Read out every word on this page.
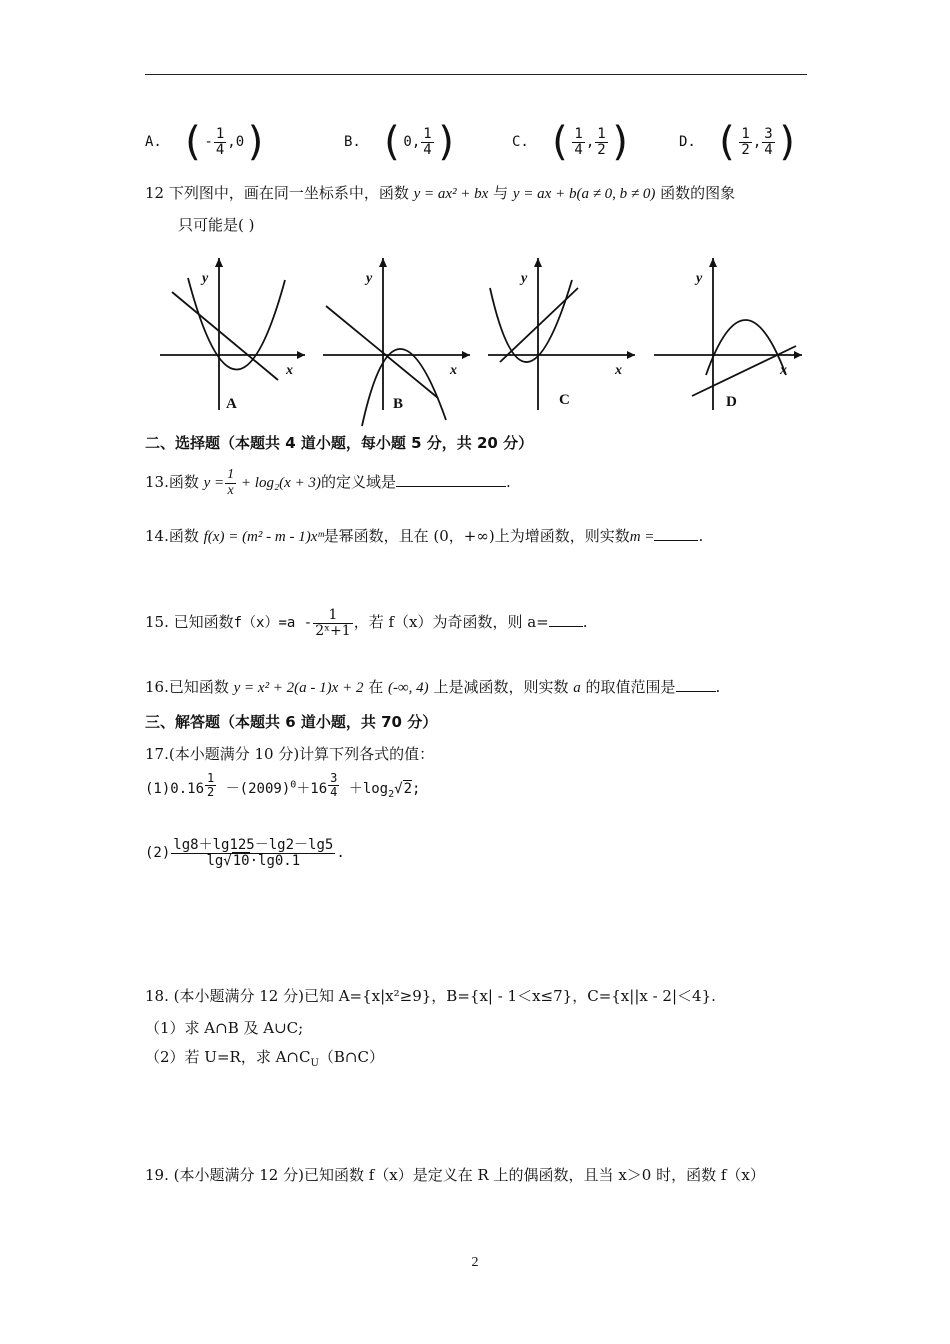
A. (- $\frac{1}{4} ,0$)	B. (0, $\frac{1}{4}$ )	C. ( $\frac{1}{4}$ , $\frac{1}{2}$ )	D. ( $\frac{1}{2}$ , $\frac{3}{4}$ )
12 下列图中，画在同一坐标系中，函数 y = ax² + bx 与 y = ax + b(a ≠ 0, b ≠ 0) 函数的图象
只可能是( )
y
x
y
x
y
x
y
x
A	B	C	D
二、选择题（本题共 4 道小题，每小题 5 分，共 20 分）
13.函数 $y = \frac{1}{x} + \log_2(x + 3)$的定义域是	.
14.函数 f(x) = (m² - m - 1)xᵐ是幂函数，且在 (0，+∞)上为增函数，则实数m =	.
15. 已知函数$f(x)=a - \frac{1}{\text{2ˣ+1}}$ ，若 f（x）为奇函数，则 a= .
16.已知函数 y = x² + 2(a - 1)x + 2 在 (-∞, 4) 上是减函数，则实数 a 的取值范围是	.
三、解答题（本题共 6 道小题，共 70 分）
17.(本小题满分 10 分)计算下列各式的值：
$(1)0.16 \frac{1}{2} -(2009)^0+16 \frac{3}{4} +\log_2√2$;
$(2) \frac{\lg 8+\lg 125-\lg 2-\lg 5}{\lg√10\cdot\lg 0.1}$ .
18. (本小题满分 12 分)已知 A={x|x²≥9}，B={x| - 1＜x≤7}，C={x||x - 2|＜4}.
（1）求 A∩B 及 A∪C;
（2）若 U=R，求 $A\cap C_U(B\cap C)$
19. (本小题满分 12 分)已知函数 f（x）是定义在 R 上的偶函数，且当 x＞0 时，函数 f（x）
2
